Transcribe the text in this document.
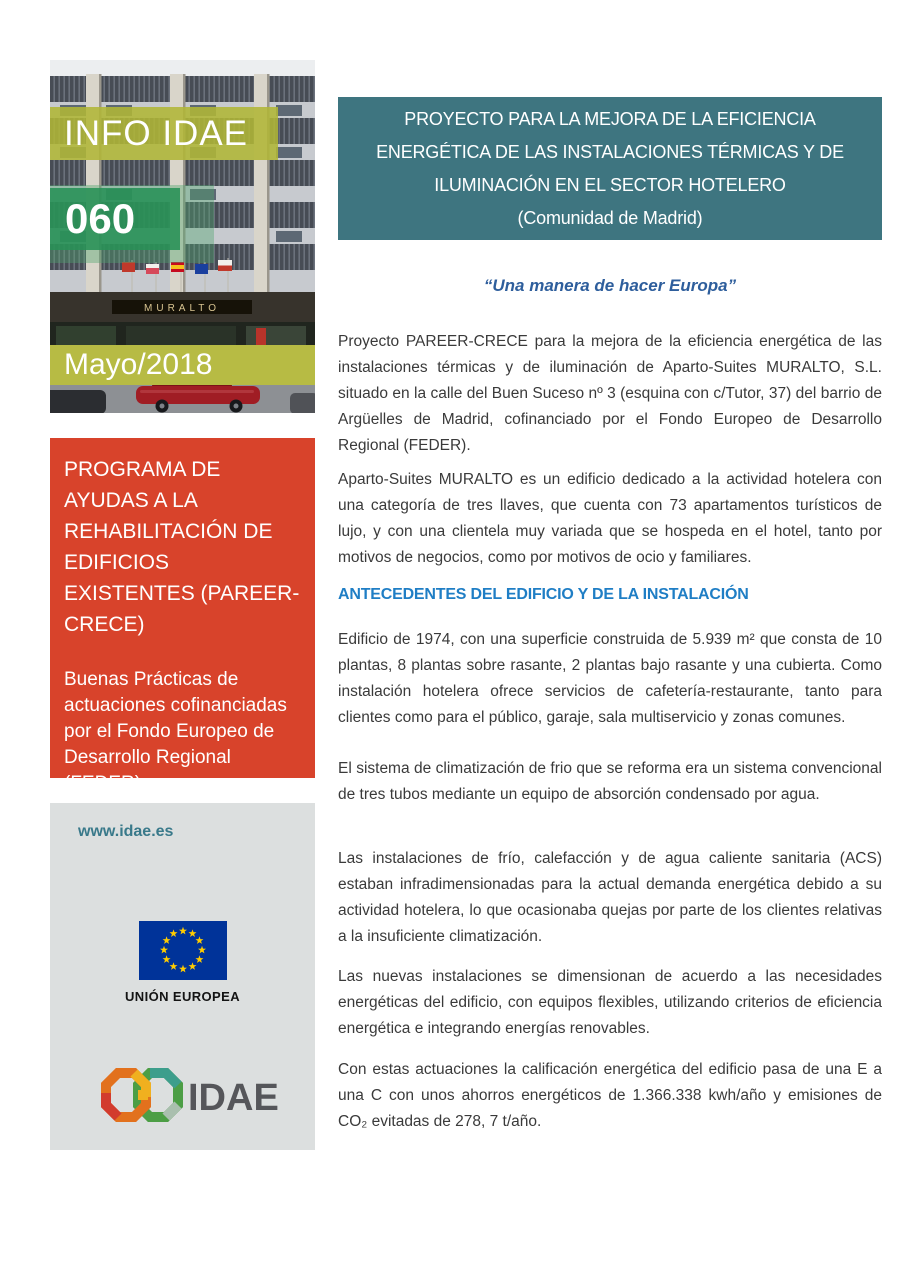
MURALTO
INFO IDAE
060
Mayo/2018

PROGRAMA DE AYUDAS A LA REHABILITACIÓN DE EDIFICIOS EXISTENTES (PAREER-CRECE)

Buenas Prácticas de actuaciones cofinanciadas por el Fondo Europeo de Desarrollo Regional (FEDER)

www.idae.es
UNIÓN EUROPEA
IDAE
PROYECTO PARA LA MEJORA DE LA EFICIENCIA
ENERGÉTICA DE LAS INSTALACIONES TÉRMICAS Y DE
ILUMINACIÓN EN EL SECTOR HOTELERO
(Comunidad de Madrid)
“Una manera de hacer Europa”

Proyecto PAREER-CRECE para la mejora de la eficiencia energética de las instalaciones térmicas y de iluminación de Aparto-Suites MURALTO, S.L. situado en la calle del Buen Suceso nº 3 (esquina con c/Tutor, 37) del barrio de Argüelles de Madrid, cofinanciado por el Fondo Europeo de Desarrollo Regional (FEDER).

Aparto-Suites MURALTO es un edificio dedicado a la actividad hotelera con una categoría de tres llaves, que cuenta con 73 apartamentos turísticos de lujo, y con una clientela muy variada que se hospeda en el hotel, tanto por motivos de negocios, como por motivos de ocio y familiares.

ANTECEDENTES DEL EDIFICIO Y DE LA INSTALACIÓN

Edificio de 1974, con una superficie construida de 5.939 m² que consta de 10 plantas, 8 plantas sobre rasante, 2 plantas bajo rasante y una cubierta. Como instalación hotelera ofrece servicios de cafetería-restaurante, tanto para clientes como para el público, garaje, sala multiservicio y zonas comunes.

El sistema de climatización de frio que se reforma era un sistema convencional de tres tubos mediante un equipo de absorción condensado por agua.

Las instalaciones de frío, calefacción y de agua caliente sanitaria (ACS) estaban infradimensionadas para la actual demanda energética debido a su actividad hotelera, lo que ocasionaba quejas por parte de los clientes relativas a la insuficiente climatización.

Las nuevas instalaciones se dimensionan de acuerdo a las necesidades energéticas del edificio, con equipos flexibles, utilizando criterios de eficiencia energética e integrando energías renovables.

Con estas actuaciones la calificación energética del edificio pasa de una E a una C con unos ahorros energéticos de 1.366.338 kwh/año y emisiones de CO₂ evitadas de 278, 7 t/año.
